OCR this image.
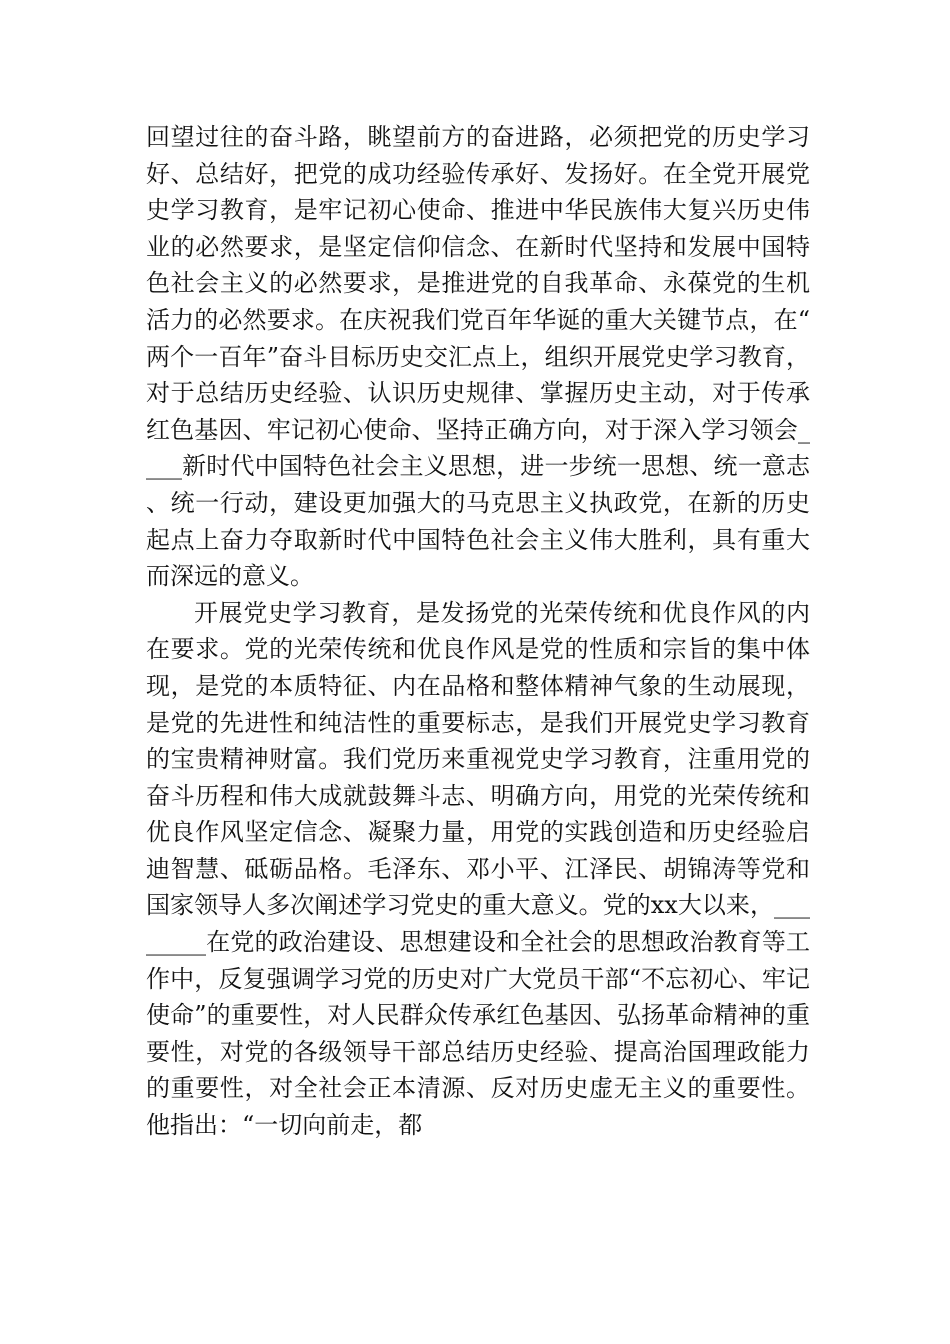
回望过往的奋斗路，眺望前方的奋进路，必须把党的历史学习好、总结好，把党的成功经验传承好、发扬好。在全党开展党史学习教育，是牢记初心使命、推进中华民族伟大复兴历史伟业的必然要求，是坚定信仰信念、在新时代坚持和发展中国特色社会主义的必然要求，是推进党的自我革命、永葆党的生机活力的必然要求。在庆祝我们党百年华诞的重大关键节点，在“两个一百年”奋斗目标历史交汇点上，组织开展党史学习教育，对于总结历史经验、认识历史规律、掌握历史主动，对于传承红色基因、牢记初心使命、坚持正确方向，对于深入学习领会____新时代中国特色社会主义思想，进一步统一思想、统一意志、统一行动，建设更加强大的马克思主义执政党，在新的历史起点上奋力夺取新时代中国特色社会主义伟大胜利，具有重大而深远的意义。

开展党史学习教育，是发扬党的光荣传统和优良作风的内在要求。党的光荣传统和优良作风是党的性质和宗旨的集中体现，是党的本质特征、内在品格和整体精神气象的生动展现，是党的先进性和纯洁性的重要标志，是我们开展党史学习教育的宝贵精神财富。我们党历来重视党史学习教育，注重用党的奋斗历程和伟大成就鼓舞斗志、明确方向，用党的光荣传统和优良作风坚定信念、凝聚力量，用党的实践创造和历史经验启迪智慧、砥砺品格。毛泽东、邓小平、江泽民、胡锦涛等党和国家领导人多次阐述学习党史的重大意义。党的xx大以来，________在党的政治建设、思想建设和全社会的思想政治教育等工作中，反复强调学习党的历史对广大党员干部“不忘初心、牢记使命”的重要性，对人民群众传承红色基因、弘扬革命精神的重要性，对党的各级领导干部总结历史经验、提高治国理政能力的重要性，对全社会正本清源、反对历史虚无主义的重要性。他指出：“一切向前走，都
